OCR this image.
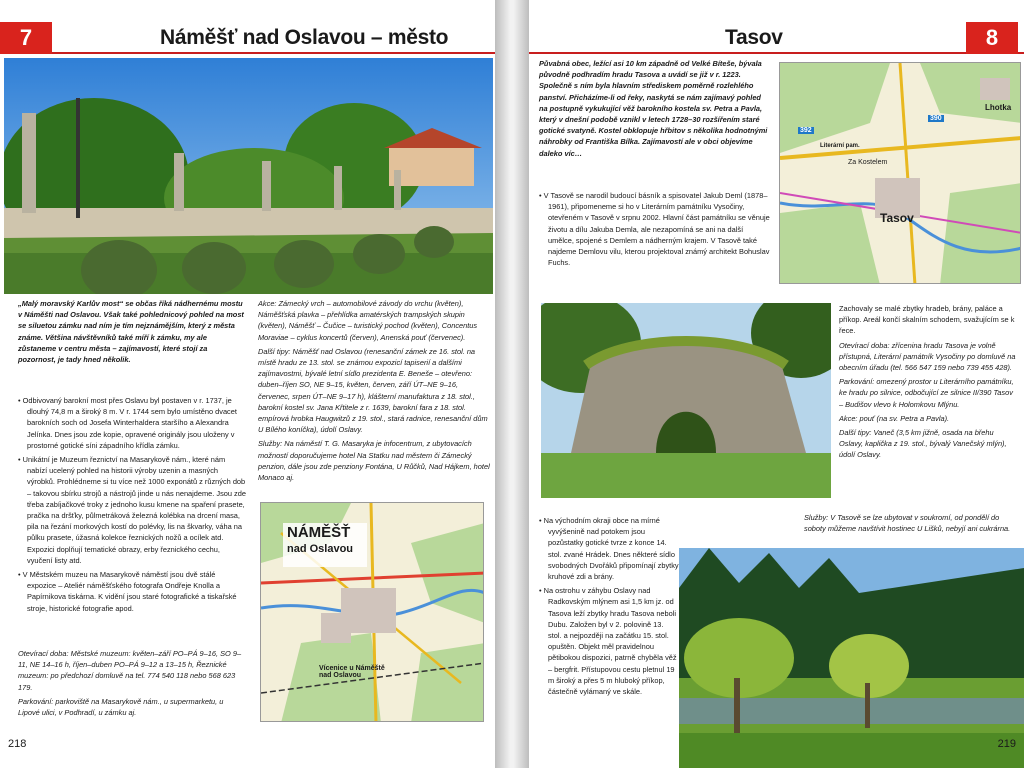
7	Náměšť nad Oslavou – město

„Malý moravský Karlův most“ se občas říká nádhernému mostu v Náměšti nad Oslavou. Však také pohlednicový pohled na most se siluetou zámku nad ním je tím nejznámějším, který z města známe. Většina návštěvníků také míří k zámku, my ale zůstaneme v centru města – zajímavostí, které stojí za pozornost, je tady hned několik.

• Odbivovaný barokní most přes Oslavu byl postaven v r. 1737, je dlouhý 74,8 m a široký 8 m. V r. 1744 sem bylo umístěno dvacet barokních soch od Josefa Winterhaldera staršího a Alexandra Jelínka. Dnes jsou zde kopie, opravené originály jsou uloženy v prostorné gotické síni západního křídla zámku.

• Unikátní je Muzeum řeznictví na Masarykově nám., které nám nabízí ucelený pohled na historii výroby uzenin a masných výrobků. Prohlédneme si tu více než 1000 exponátů z různých dob – takovou sbírku strojů a nástrojů jinde u nás nenajdeme. Jsou zde třeba zabíjačkové troky z jednoho kusu kmene na spaření prasete, pračka na dršťky, půlmetráková železná kolébka na drcení masa, pila na řezání morkových kostí do polévky, lis na škvarky, váha na půlku prasete, úžasná kolekce řeznických nožů a ocílek atd. Expozici doplňují tematické obrazy, erby řeznického cechu, vyučení listy atd.

• V Městském muzeu na Masarykově náměstí jsou dvě stálé expozice – Ateliér náměšťského fotografa Ondřeje Knolla a Papírnikova tiskárna. K vidění jsou staré fotografické a tiskařské stroje, historické fotografie apod.

Otevírací doba: Městské muzeum: květen–září PO–PÁ 9–16, SO 9–11, NE 14–16 h, říjen–duben PO–PÁ 9–12 a 13–15 h, Řeznické muzeum: po předchozí domluvě na tel. 774 540 118 nebo 568 623 179.

Parkování: parkoviště na Masarykově nám., u supermarketu, u Lipové ulici, v Podhradí, u zámku aj.

Akce: Zámecký vrch – automobilové závody do vrchu (květen), Náměšťská plavka – přehlídka amatérských trampských skupin (květen), Náměšť – Čučice – turistický pochod (květen), Concentus Moraviae – cyklus koncertů (červen), Anenská pouť (červenec).

Další tipy: Náměšť nad Oslavou (renesanční zámek ze 16. stol. na místě hradu ze 13. stol. se známou expozicí tapiserií a dalšími zajímavostmi, bývalé letní sídlo prezidenta E. Beneše – otevřeno: duben–říjen SO, NE 9–15, květen, červen, září ÚT–NE 9–16, červenec, srpen ÚT–NE 9–17 h), klášterní manufaktura z 18. stol., barokní kostel sv. Jana Křtitele z r. 1639, barokní fara z 18. stol. empírová hrobka Haugwitzů z 19. stol., stará radnice, renesanční dům U Bílého koníčka), údolí Oslavy.

Služby: Na náměstí T. G. Masaryka je infocentrum, z ubytovacích možností doporučujeme hotel Na Statku nad městem či Zámecký penzion, dále jsou zde penziony Fontána, U Růčků, Nad Hájkem, hotel Monaco aj.

NÁMĚŠŤ
nad Oslavou
Vícenice u Náměště nad Oslavou
218
Tasov	8

Půvabná obec, ležící asi 10 km západně od Velké Bíteše, bývala původně podhradím hradu Tasova a uvádí se již v r. 1223. Společně s ním byla hlavním střediskem poměrně rozlehlého panství. Přicházíme-li od řeky, naskytá se nám zajímavý pohled na postupně vykukující věž barokního kostela sv. Petra a Pavla, který v dnešní podobě vznikl v letech 1728–30 rozšířením staré gotické svatyně. Kostel obklopuje hřbitov s několika hodnotnými náhrobky od Františka Bílka. Zajímavostí ale v obci objevíme daleko víc…

• V Tasově se narodil budoucí básník a spisovatel Jakub Deml (1878–1961), připomeneme si ho v Literárním památníku Vysočiny, otevřeném v Tasově v srpnu 2002. Hlavní část památníku se věnuje životu a dílu Jakuba Demla, ale nezapomíná se ani na další umělce, spojené s Demlem a nádherným krajem. V Tasově také najdeme Demlovu vilu, kterou projektoval známý architekt Bohuslav Fuchs.

Tasov
Lhotka
Za Kostelem
Literární pam.
390
392

Zachovaly se malé zbytky hradeb, brány, paláce a příkop. Areál končí skalním schodem, svažujícím se k řece.

Otevírací doba: zřícenina hradu Tasova je volně přístupná, Literární památník Vysočiny po domluvě na obecním úřadu (tel. 566 547 159 nebo 739 455 428).

Parkování: omezený prostor u Literárního památníku, ke hradu po silnice, odbočující ze silnice II/390 Tasov – Budišov vlevo k Holomkovu Mlýnu.

Akce: pouť (na sv. Petra a Pavla).

Další tipy: Vaneč (3,5 km jižně, osada na břehu Oslavy, kaplička z 19. stol., bývalý Vanečský mlýn), údolí Oslavy.

Služby: V Tasově se lze ubytovat v soukromí, od pondělí do soboty můžeme navštívit hostinec U Lišků, nebyjí ani cukrárna.

• Na východním okraji obce na mírné vyvýšenině nad potokem jsou pozůstatky gotické tvrze z konce 14. stol. zvané Hrádek. Dnes některé sídlo svobodných Dvořáků připomínají zbytky kruhové zdi a brány.

• Na ostrohu v záhybu Oslavy nad Radkovským mlýnem asi 1,5 km jz. od Tasova leží zbytky hradu Tasova neboli Dubu. Založen byl v 2. polovině 13. stol. a nejpozději na začátku 15. stol. opuštěn. Objekt měl pravidelnou pětibokou dispozici, patrně chyběla věž – bergfrit. Přístupovou cestu pletnul 19 m široký a přes 5 m hluboký příkop, částečně vylámaný ve skále.

219
